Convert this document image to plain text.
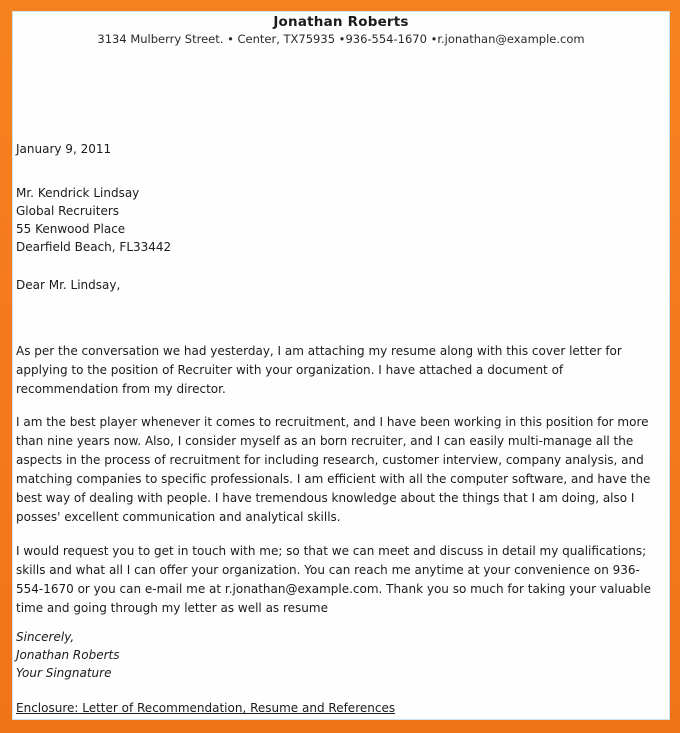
Jonathan Roberts
3134 Mulberry Street. • Center, TX75935 •936-554-1670 •r.jonathan@example.com
January 9, 2011
Mr. Kendrick Lindsay
Global Recruiters
55 Kenwood Place
Dearfield Beach, FL33442
Dear Mr. Lindsay,
As per the conversation we had yesterday, I am attaching my resume along with this cover letter for applying to the position of Recruiter with your organization. I have attached a document of recommendation from my director.
I am the best player whenever it comes to recruitment, and I have been working in this position for more than nine years now. Also, I consider myself as an born recruiter, and I can easily multi-manage all the aspects in the process of recruitment for including research, customer interview, company analysis, and matching companies to specific professionals. I am efficient with all the computer software, and have the best way of dealing with people. I have tremendous knowledge about the things that I am doing, also I posses' excellent communication and analytical skills.
I would request you to get in touch with me; so that we can meet and discuss in detail my qualifications; skills and what all I can offer your organization. You can reach me anytime at your convenience on 936-554-1670 or you can e-mail me at r.jonathan@example.com. Thank you so much for taking your valuable time and going through my letter as well as resume
Sincerely,
Jonathan Roberts
Your Singnature
Enclosure: Letter of Recommendation, Resume and References
